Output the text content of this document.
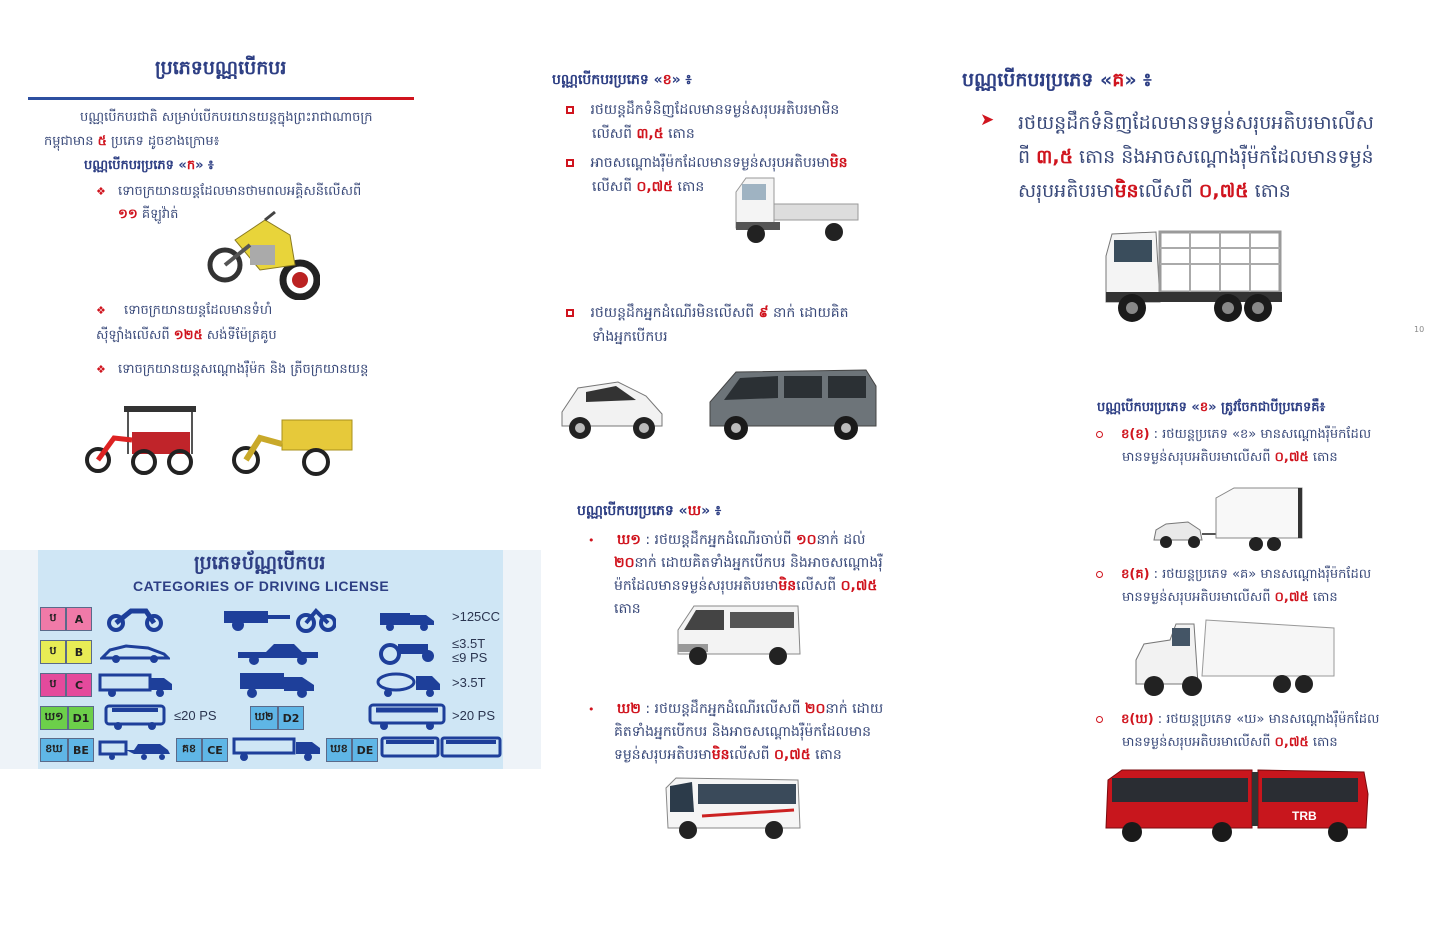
ប្រភេទបណ្ណបើកបរ
បណ្ណបើកបរជាតិ សម្រាប់បើកបរយានយន្តក្នុងព្រះរាជាណាចក្រ
កម្ពុជាមាន ៥ ប្រភេទ ដូចខាងក្រោម៖
បណ្ណបើកបរប្រភេទ «ក» ៖
❖ ទោចក្រយានយន្តដែលមានថាមពលអគ្គិសនីលើសពី
១១ គីឡូវ៉ាត់
❖ ទោចក្រយានយន្តដែលមានទំហំ
ស៊ីឡាំងលើសពី ១២៥ សង់ទីម៉ែត្រគូប
❖ ទោចក្រយានយន្តសណ្ដោងរ៉ឺម៉ក និង ត្រីចក្រយានយន្ត
ប្រភេទប័ណ្ណបើកបរ
CATEGORIES OF DRIVING LICENSE
ប	A	>125CC
ប	B
≤3.5T
≤9 PS
ប	C	>3.5T
ឃ១ D1	≤20 PS	ឃ២ D2	>20 PS
ខឃ BE	គខ	CE	ឃខ DE
បណ្ណបើកបរប្រភេទ «ខ» ៖
រថយន្តដឹកទំនិញដែលមានទម្ងន់សរុបអតិបរមាមិន
លើសពី ៣,៥ តោន
អាចសណ្ដោងរ៉ឺម៉កដែលមានទម្ងន់សរុបអតិបរមាមិន
លើសពី ០,៧៥ តោន
រថយន្តដឹកអ្នកដំណើរមិនលើសពី ៩ នាក់ ដោយគិត
ទាំងអ្នកបើកបរ
បណ្ណបើកបរប្រភេទ «ឃ» ៖
• ឃ១ : រថយន្តដឹកអ្នកដំណើរចាប់ពី ១០នាក់ ដល់
២០នាក់ ដោយគិតទាំងអ្នកបើកបរ និងអាចសណ្ដោងរ៉ឺ
ម៉កដែលមានទម្ងន់សរុបអតិបរមាមិនលើសពី ០,៧៥
តោន
• ឃ២ : រថយន្តដឹកអ្នកដំណើរលើសពី ២០នាក់ ដោយ
គិតទាំងអ្នកបើកបរ និងអាចសណ្ដោងរ៉ឺម៉កដែលមាន
ទម្ងន់សរុបអតិបរមាមិនលើសពី ០,៧៥ តោន
បណ្ណបើកបរប្រភេទ «គ» ៖
➤ រថយន្តដឹកទំនិញដែលមានទម្ងន់សរុបអតិបរមាលើស
ពី ៣,៥ តោន និងអាចសណ្ដោងរ៉ឺម៉កដែលមានទម្ងន់
សរុបអតិបរមាមិនលើសពី ០,៧៥ តោន
10
បណ្ណបើកបរប្រភេទ «ខ» ត្រូវចែកជាបីប្រភេទគឺ៖
ខ(ខ) : រថយន្តប្រភេទ «ខ» មានសណ្ដោងរ៉ឺម៉កដែល
មានទម្ងន់សរុបអតិបរមាលើសពី ០,៧៥ តោន
ខ(គ) : រថយន្តប្រភេទ «គ» មានសណ្ដោងរ៉ឺម៉កដែល
មានទម្ងន់សរុបអតិបរមាលើសពី ០,៧៥ តោន
ខ(ឃ) : រថយន្តប្រភេទ «ឃ» មានសណ្ដោងរ៉ឺម៉កដែល
មានទម្ងន់សរុបអតិបរមាលើសពី ០,៧៥ តោន
TRB
